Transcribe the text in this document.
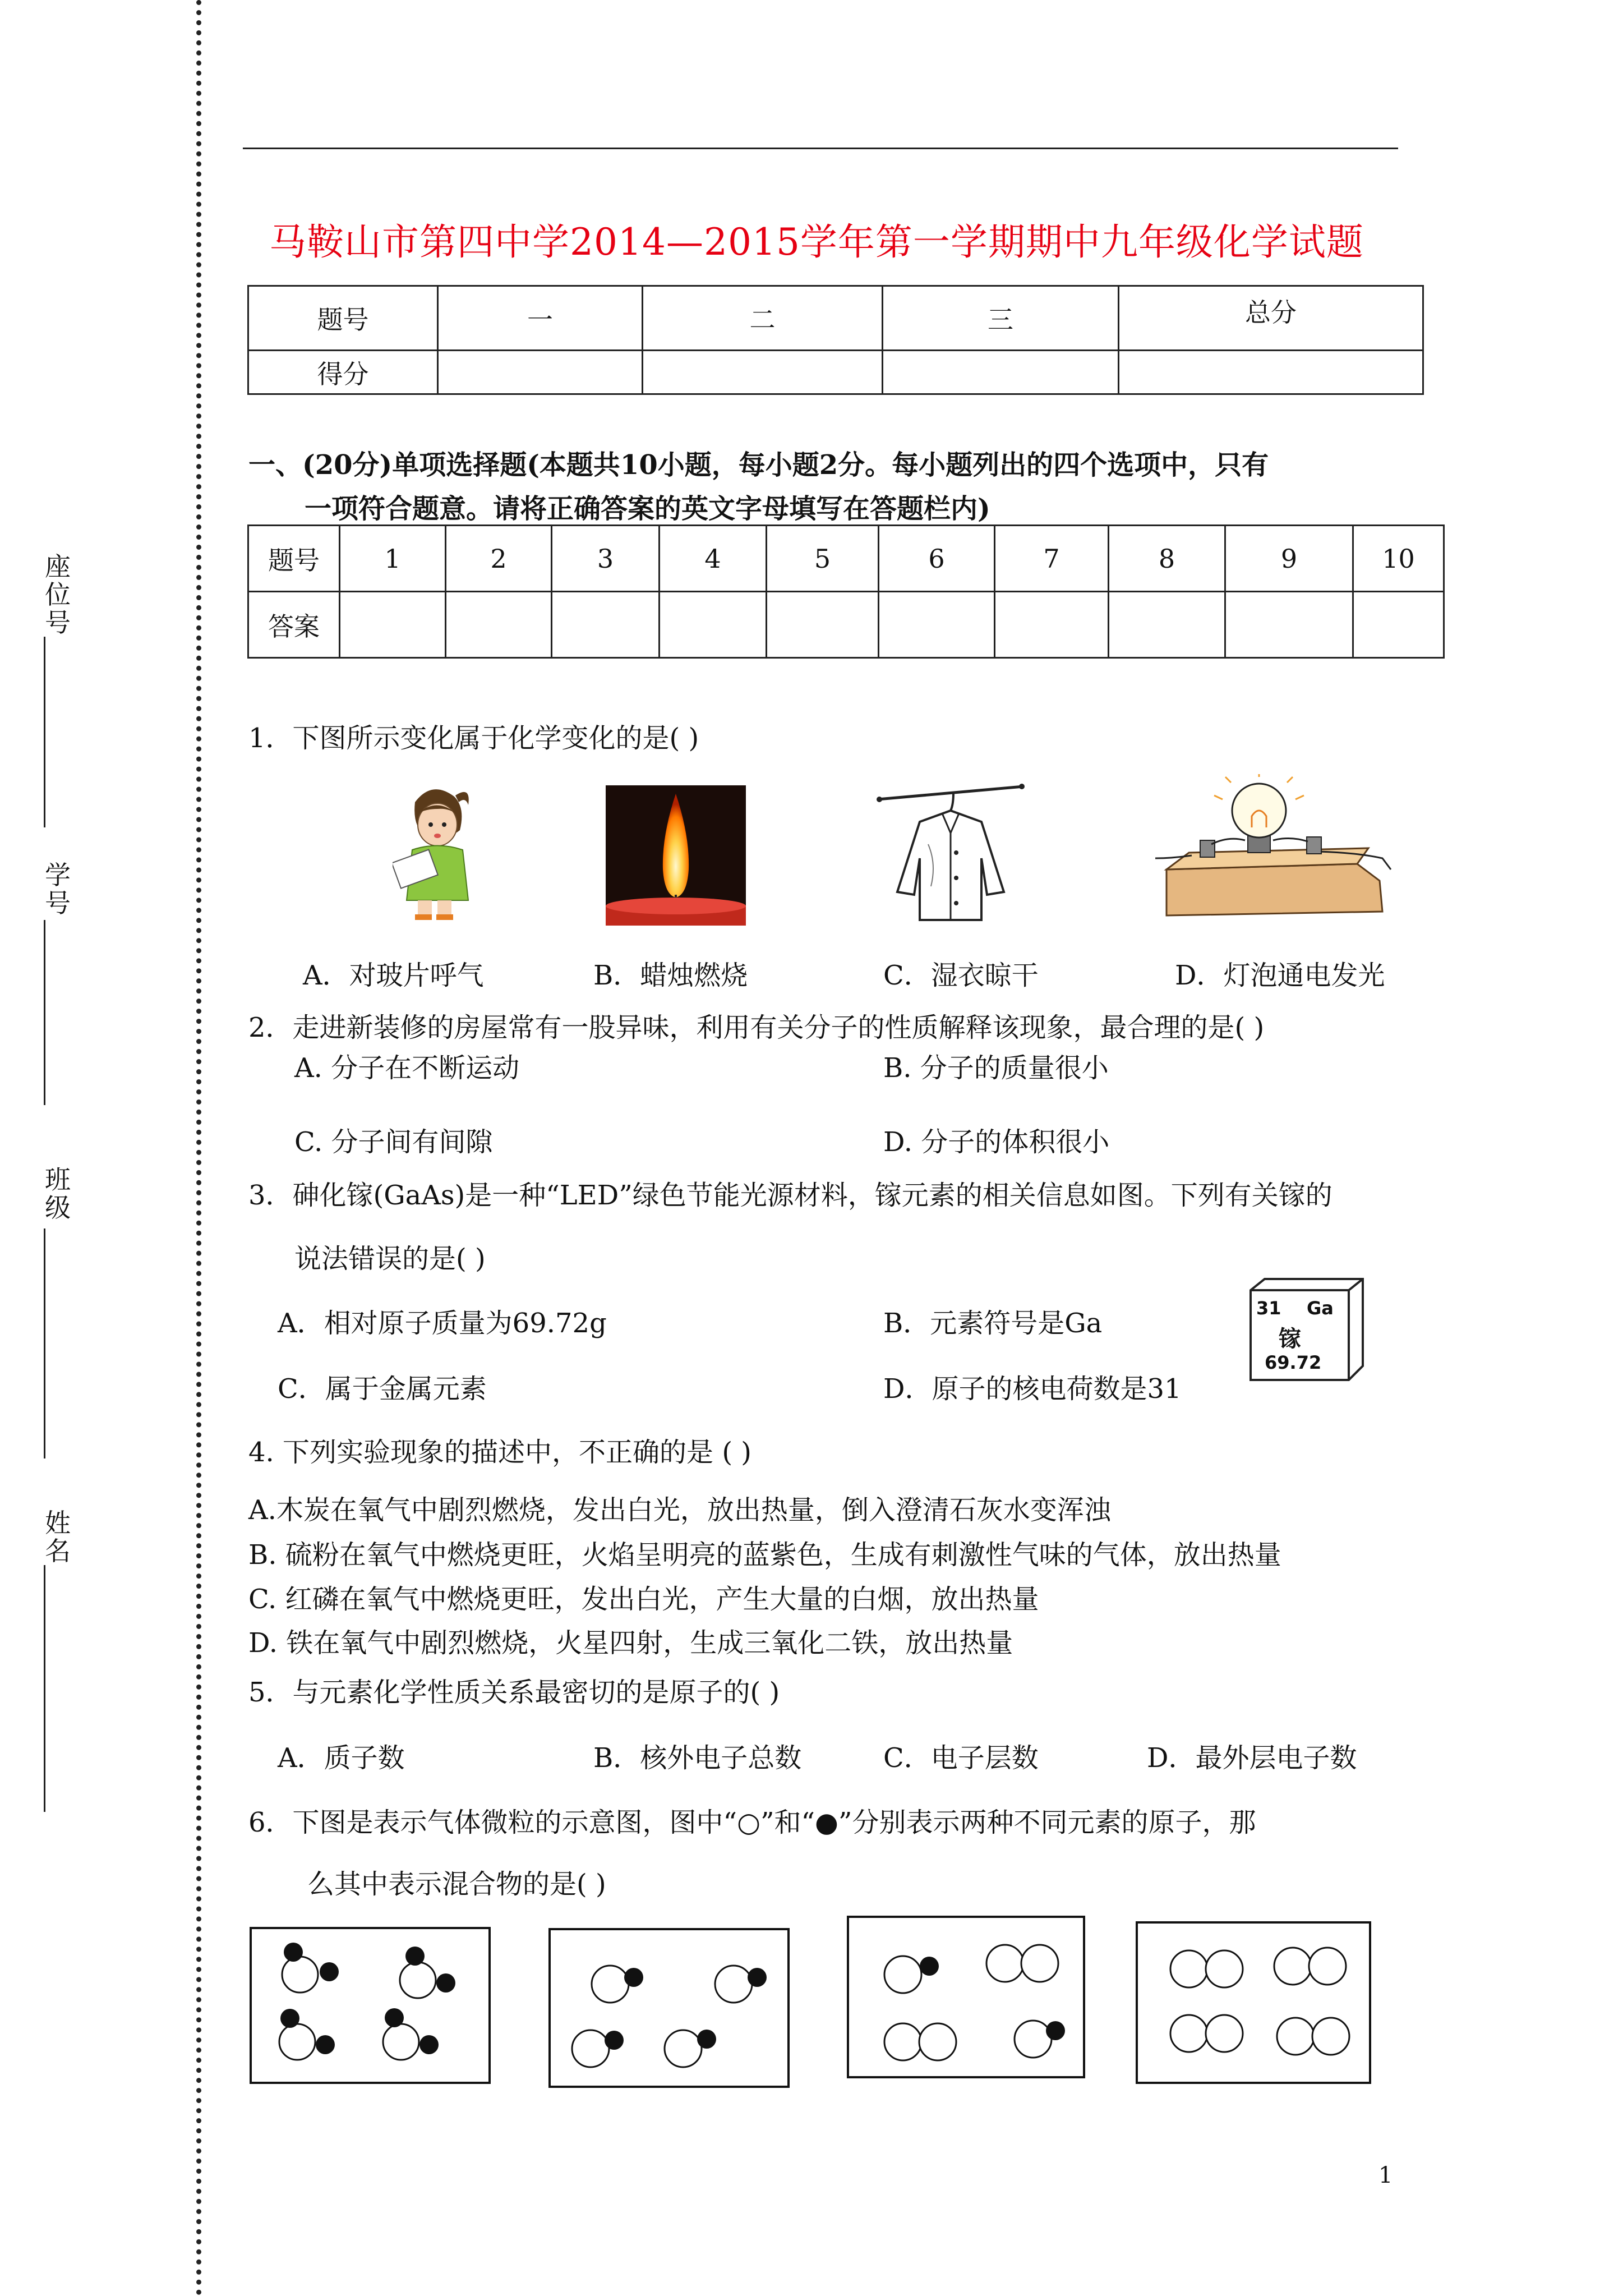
座位号
学号
班级
姓名
马鞍山市第四中学2014—2015学年第一学期期中九年级化学试题
题号	一	二	三	总分
得分				
一、(20分)单项选择题(本题共10小题，每小题2分。每小题列出的四个选项中，只有
一项符合题意。请将正确答案的英文字母填写在答题栏内)
题号	1	2	3	4	5	6	7	8	9	10
答案										
1．下图所示变化属于化学变化的是( )
A．对玻片呼气	B．蜡烛燃烧	C．湿衣晾干	D．灯泡通电发光
2．走进新装修的房屋常有一股异味，利用有关分子的性质解释该现象，最合理的是( )
A. 分子在不断运动	B. 分子的质量很小
C. 分子间有间隙	D. 分子的体积很小
3．砷化镓(GaAs)是一种“LED”绿色节能光源材料，镓元素的相关信息如图。下列有关镓的
说法错误的是( )
A．相对原子质量为69.72g	B．元素符号是Ga
C．属于金属元素	D．原子的核电荷数是31
31 Ga
镓
69.72
4. 下列实验现象的描述中，不正确的是 ( )
A.木炭在氧气中剧烈燃烧，发出白光，放出热量，倒入澄清石灰水变浑浊
B. 硫粉在氧气中燃烧更旺，火焰呈明亮的蓝紫色，生成有刺激性气味的气体，放出热量
C. 红磷在氧气中燃烧更旺，发出白光，产生大量的白烟，放出热量
D. 铁在氧气中剧烈燃烧，火星四射，生成三氧化二铁，放出热量
5．与元素化学性质关系最密切的是原子的( )
A．质子数	B．核外电子总数	C．电子层数	D．最外层电子数
6．下图是表示气体微粒的示意图，图中“○”和“●”分别表示两种不同元素的原子，那
么其中表示混合物的是( )
1
